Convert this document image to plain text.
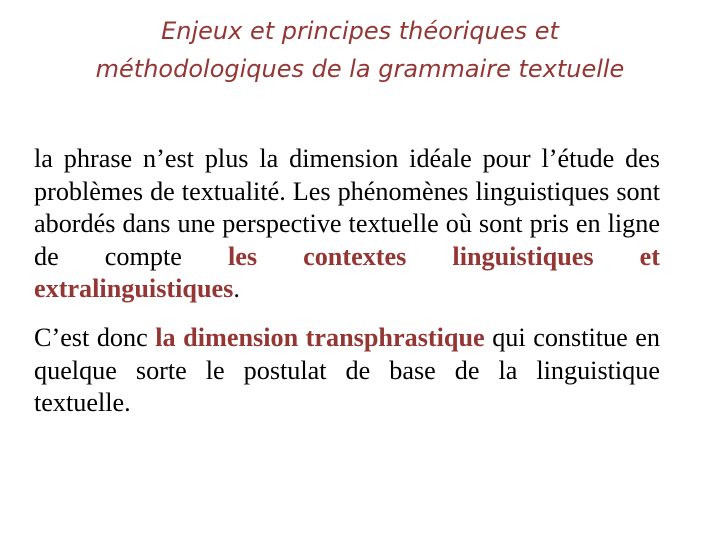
Enjeux et principes théoriques et
méthodologiques de la grammaire textuelle

la phrase n’est plus la dimension idéale pour l’étude des problèmes de textualité. Les phénomènes linguistiques sont abordés dans une perspective textuelle où sont pris en ligne de compte les contextes linguistiques et extralinguistiques.

C’est donc la dimension transphrastique qui constitue en quelque sorte le postulat de base de la linguistique textuelle.
